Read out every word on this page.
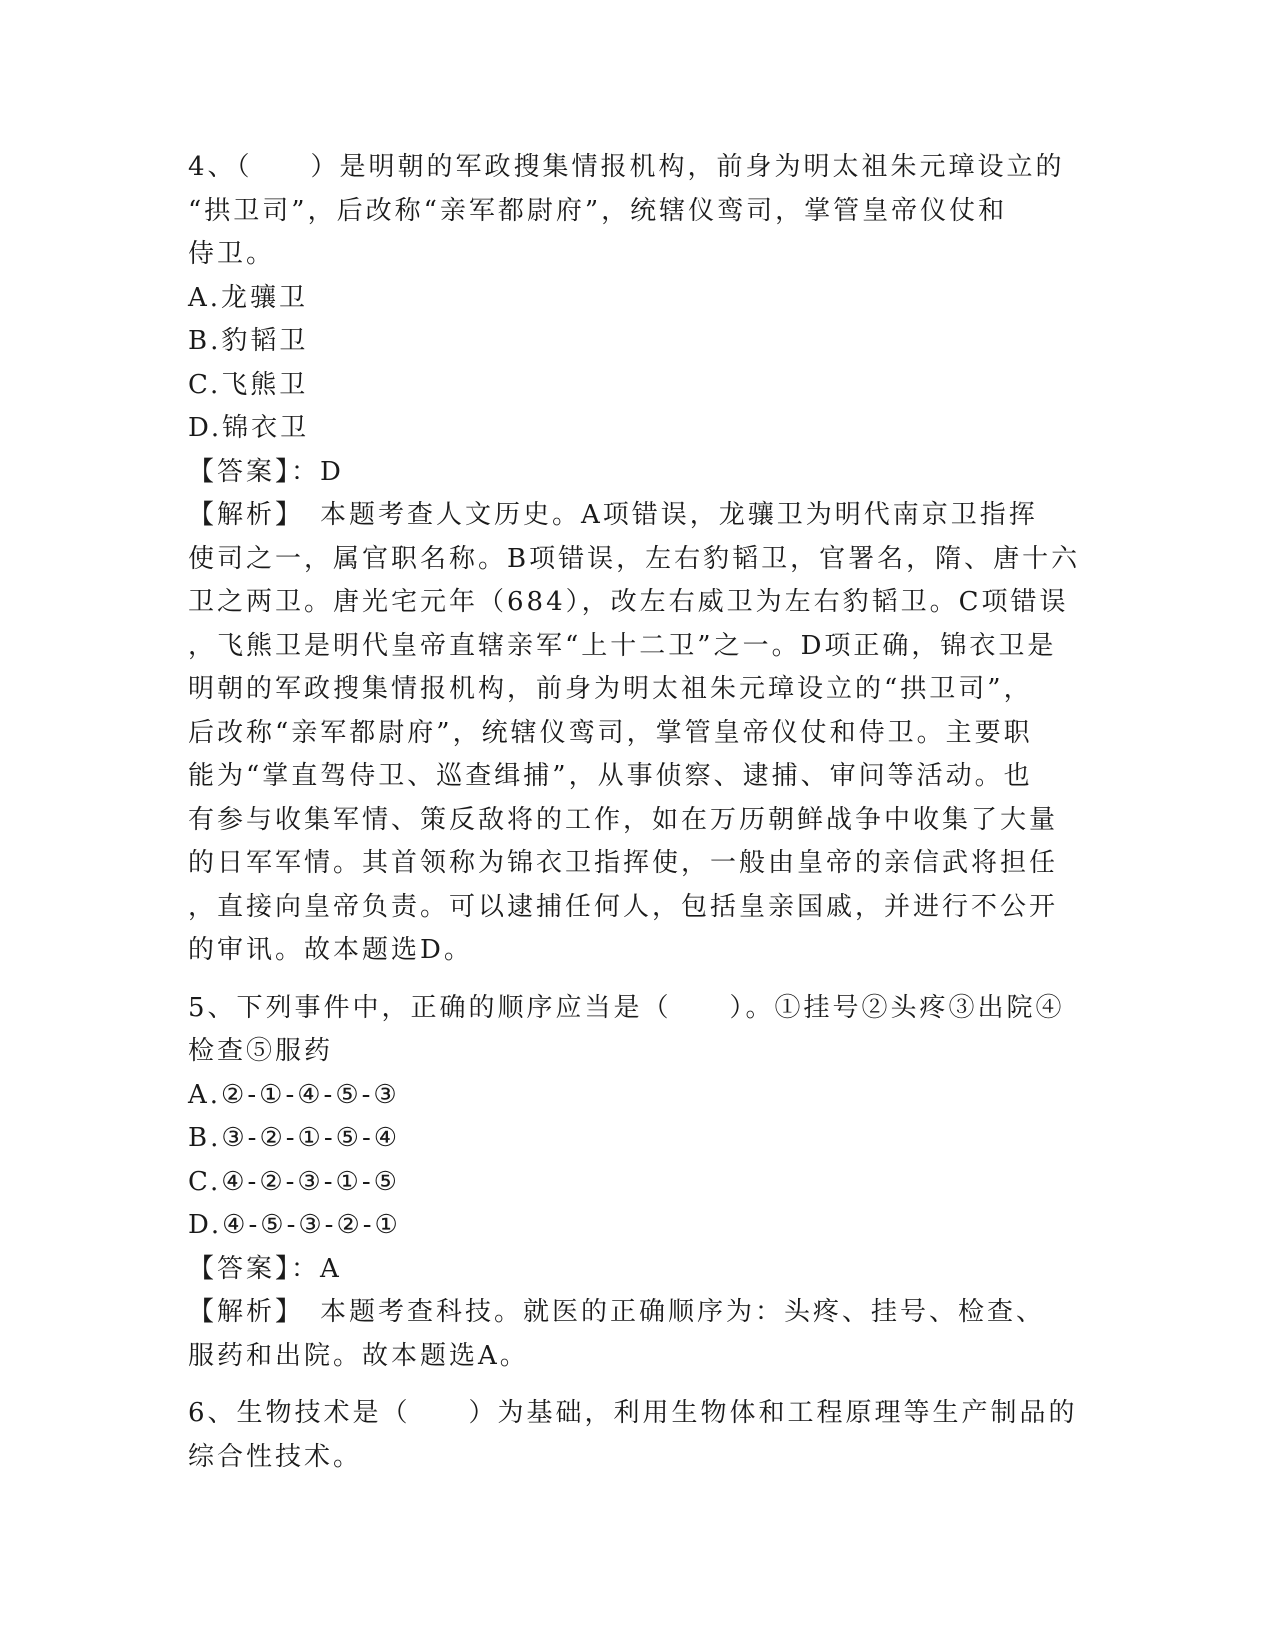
4、（　　）是明朝的军政搜集情报机构，前身为明太祖朱元璋设立的

“拱卫司”，后改称“亲军都尉府”，统辖仪鸾司，掌管皇帝仪仗和

侍卫。

A.龙骧卫

B.豹韬卫

C.飞熊卫

D.锦衣卫

【答案】：D

【解析】　本题考查人文历史。A项错误，龙骧卫为明代南京卫指挥

使司之一，属官职名称。B项错误，左右豹韬卫，官署名，隋、唐十六

卫之两卫。唐光宅元年（684），改左右威卫为左右豹韬卫。C项错误

，飞熊卫是明代皇帝直辖亲军“上十二卫”之一。D项正确，锦衣卫是

明朝的军政搜集情报机构，前身为明太祖朱元璋设立的“拱卫司”，

后改称“亲军都尉府”，统辖仪鸾司，掌管皇帝仪仗和侍卫。主要职

能为“掌直驾侍卫、巡查缉捕”，从事侦察、逮捕、审问等活动。也

有参与收集军情、策反敌将的工作，如在万历朝鲜战争中收集了大量

的日军军情。其首领称为锦衣卫指挥使，一般由皇帝的亲信武将担任

，直接向皇帝负责。可以逮捕任何人，包括皇亲国戚，并进行不公开

的审讯。故本题选D。

5、下列事件中，正确的顺序应当是（　　）。①挂号②头疼③出院④

检查⑤服药

A.②-①-④-⑤-③

B.③-②-①-⑤-④

C.④-②-③-①-⑤

D.④-⑤-③-②-①

【答案】：A

【解析】　本题考查科技。就医的正确顺序为：头疼、挂号、检查、

服药和出院。故本题选A。

6、生物技术是（　　）为基础，利用生物体和工程原理等生产制品的

综合性技术。
